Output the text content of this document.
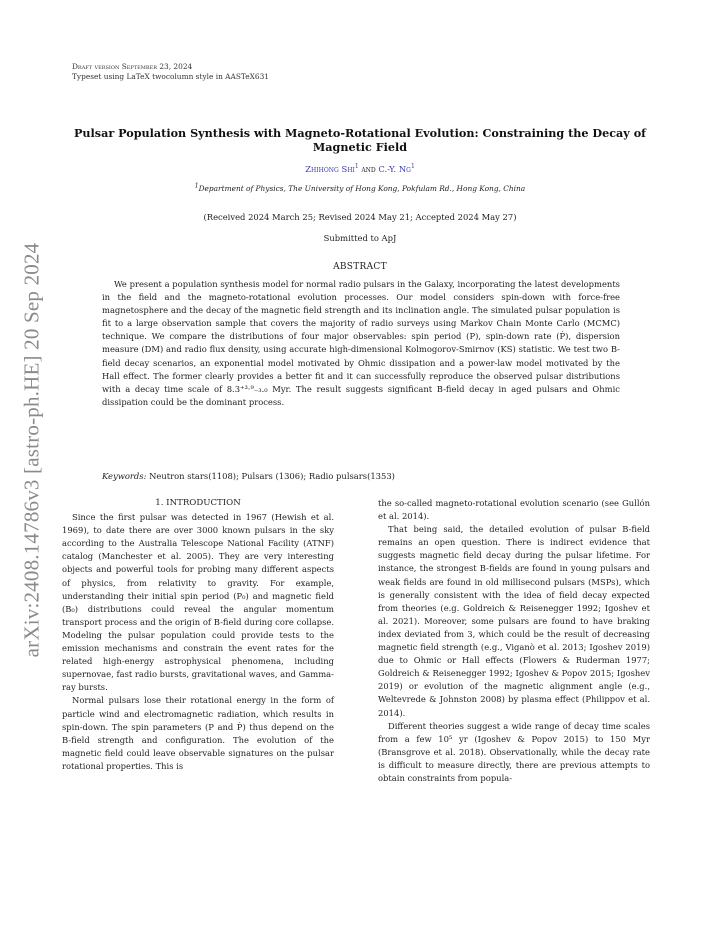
arXiv:2408.14786v3 [astro-ph.HE] 20 Sep 2024
Draft version September 23, 2024
Typeset using LaTeX twocolumn style in AASTeX631
Pulsar Population Synthesis with Magneto-Rotational Evolution: Constraining the Decay of
Magnetic Field
Zhihong Shi$^1$ and C.-Y. Ng$^1$
$^1$Department of Physics, The University of Hong Kong, Pokfulam Rd., Hong Kong, China
(Received 2024 March 25; Revised 2024 May 21; Accepted 2024 May 27)
Submitted to ApJ
ABSTRACT
We present a population synthesis model for normal radio pulsars in the Galaxy, incorporating the latest developments in the field and the magneto-rotational evolution processes. Our model considers spin-down with force-free magnetosphere and the decay of the magnetic field strength and its inclination angle. The simulated pulsar population is fit to a large observation sample that covers the majority of radio surveys using Markov Chain Monte Carlo (MCMC) technique. We compare the distributions of four major observables: spin period (P), spin-down rate (Ṗ), dispersion measure (DM) and radio flux density, using accurate high-dimensional Kolmogorov-Smirnov (KS) statistic. We test two B-field decay scenarios, an exponential model motivated by Ohmic dissipation and a power-law model motivated by the Hall effect. The former clearly provides a better fit and it can successfully reproduce the observed pulsar distributions with a decay time scale of 8.3⁺³·⁹₋₃.₀ Myr. The result suggests significant B-field decay in aged pulsars and Ohmic dissipation could be the dominant process.
Keywords: Neutron stars(1108); Pulsars (1306); Radio pulsars(1353)
1. INTRODUCTION

Since the first pulsar was detected in 1967 (Hewish et al. 1969), to date there are over 3000 known pulsars in the sky according to the Australia Telescope National Facility (ATNF) catalog (Manchester et al. 2005). They are very interesting objects and powerful tools for probing many different aspects of physics, from relativity to gravity. For example, understanding their initial spin period (P₀) and magnetic field (B₀) distributions could reveal the angular momentum transport process and the origin of B-field during core collapse. Modeling the pulsar population could provide tests to the emission mechanisms and constrain the event rates for the related high-energy astrophysical phenomena, including supernovae, fast radio bursts, gravitational waves, and Gamma-ray bursts.

Normal pulsars lose their rotational energy in the form of particle wind and electromagnetic radiation, which results in spin-down. The spin parameters (P and Ṗ) thus depend on the B-field strength and configuration. The evolution of the magnetic field could leave observable signatures on the pulsar rotational properties. This is

the so-called magneto-rotational evolution scenario (see Gullón et al. 2014).

That being said, the detailed evolution of pulsar B-field remains an open question. There is indirect evidence that suggests magnetic field decay during the pulsar lifetime. For instance, the strongest B-fields are found in young pulsars and weak fields are found in old millisecond pulsars (MSPs), which is generally consistent with the idea of field decay expected from theories (e.g. Goldreich & Reisenegger 1992; Igoshev et al. 2021). Moreover, some pulsars are found to have braking index deviated from 3, which could be the result of decreasing magnetic field strength (e.g., Viganò et al. 2013; Igoshev 2019) due to Ohmic or Hall effects (Flowers & Ruderman 1977; Goldreich & Reisenegger 1992; Igoshev & Popov 2015; Igoshev 2019) or evolution of the magnetic alignment angle (e.g., Weltevrede & Johnston 2008) by plasma effect (Philippov et al. 2014).

Different theories suggest a wide range of decay time scales from a few 10⁵ yr (Igoshev & Popov 2015) to 150 Myr (Bransgrove et al. 2018). Observationally, while the decay rate is difficult to measure directly, there are previous attempts to obtain constraints from popula-
